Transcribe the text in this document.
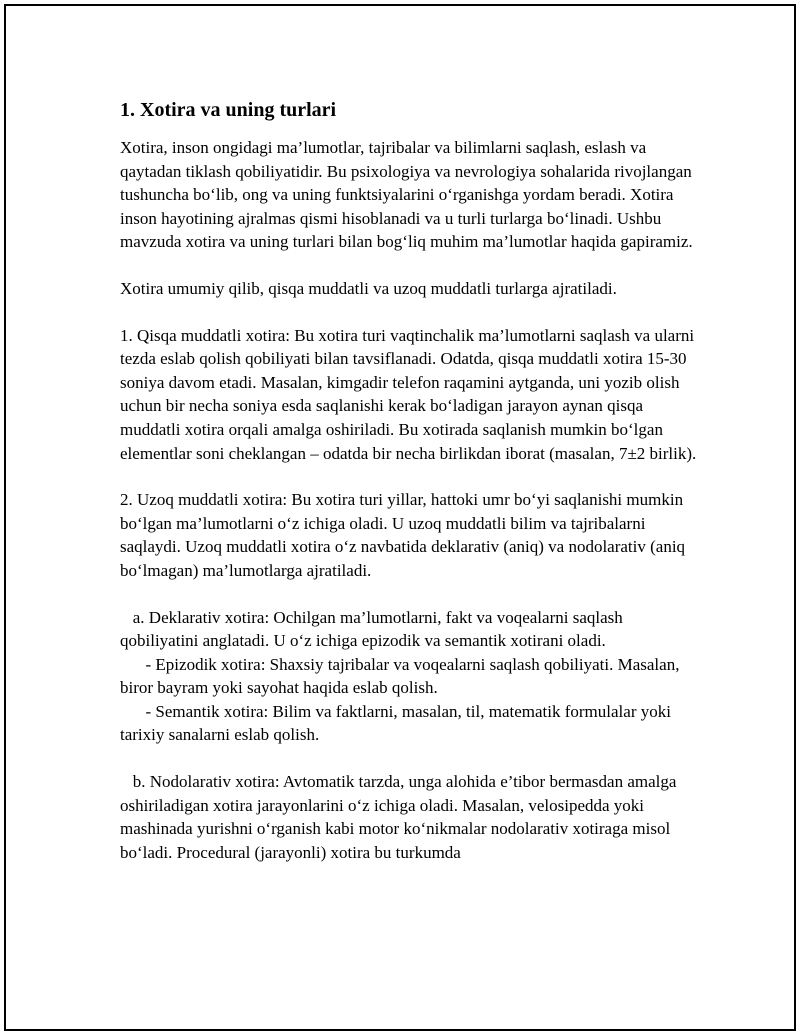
1. Xotira va uning turlari

Xotira, inson ongidagi ma’lumotlar, tajribalar va bilimlarni saqlash, eslash va qaytadan tiklash qobiliyatidir. Bu psixologiya va nevrologiya sohalarida rivojlangan tushuncha bo‘lib, ong va uning funktsiyalarini o‘rganishga yordam beradi. Xotira inson hayotining ajralmas qismi hisoblanadi va u turli turlarga bo‘linadi. Ushbu mavzuda xotira va uning turlari bilan bog‘liq muhim ma’lumotlar haqida gapiramiz.

Xotira umumiy qilib, qisqa muddatli va uzoq muddatli turlarga ajratiladi.

1. Qisqa muddatli xotira: Bu xotira turi vaqtinchalik ma’lumotlarni saqlash va ularni tezda eslab qolish qobiliyati bilan tavsiflanadi. Odatda, qisqa muddatli xotira 15-30 soniya davom etadi. Masalan, kimgadir telefon raqamini aytganda, uni yozib olish uchun bir necha soniya esda saqlanishi kerak bo‘ladigan jarayon aynan qisqa muddatli xotira orqali amalga oshiriladi. Bu xotirada saqlanish mumkin bo‘lgan elementlar soni cheklangan – odatda bir necha birlikdan iborat (masalan, 7±2 birlik).

2. Uzoq muddatli xotira: Bu xotira turi yillar, hattoki umr bo‘yi saqlanishi mumkin bo‘lgan ma’lumotlarni o‘z ichiga oladi. U uzoq muddatli bilim va tajribalarni saqlaydi. Uzoq muddatli xotira o‘z navbatida deklarativ (aniq) va nodolarativ (aniq bo‘lmagan) ma’lumotlarga ajratiladi.

a. Deklarativ xotira: Ochilgan ma’lumotlarni, fakt va voqealarni saqlash qobiliyatini anglatadi. U o‘z ichiga epizodik va semantik xotirani oladi.

- Epizodik xotira: Shaxsiy tajribalar va voqealarni saqlash qobiliyati. Masalan, biror bayram yoki sayohat haqida eslab qolish.

- Semantik xotira: Bilim va faktlarni, masalan, til, matematik formulalar yoki tarixiy sanalarni eslab qolish.

b. Nodolarativ xotira: Avtomatik tarzda, unga alohida e’tibor bermasdan amalga oshiriladigan xotira jarayonlarini o‘z ichiga oladi. Masalan, velosipedda yoki mashinada yurishni o‘rganish kabi motor ko‘nikmalar nodolarativ xotiraga misol bo‘ladi. Procedural (jarayonli) xotira bu turkumda
